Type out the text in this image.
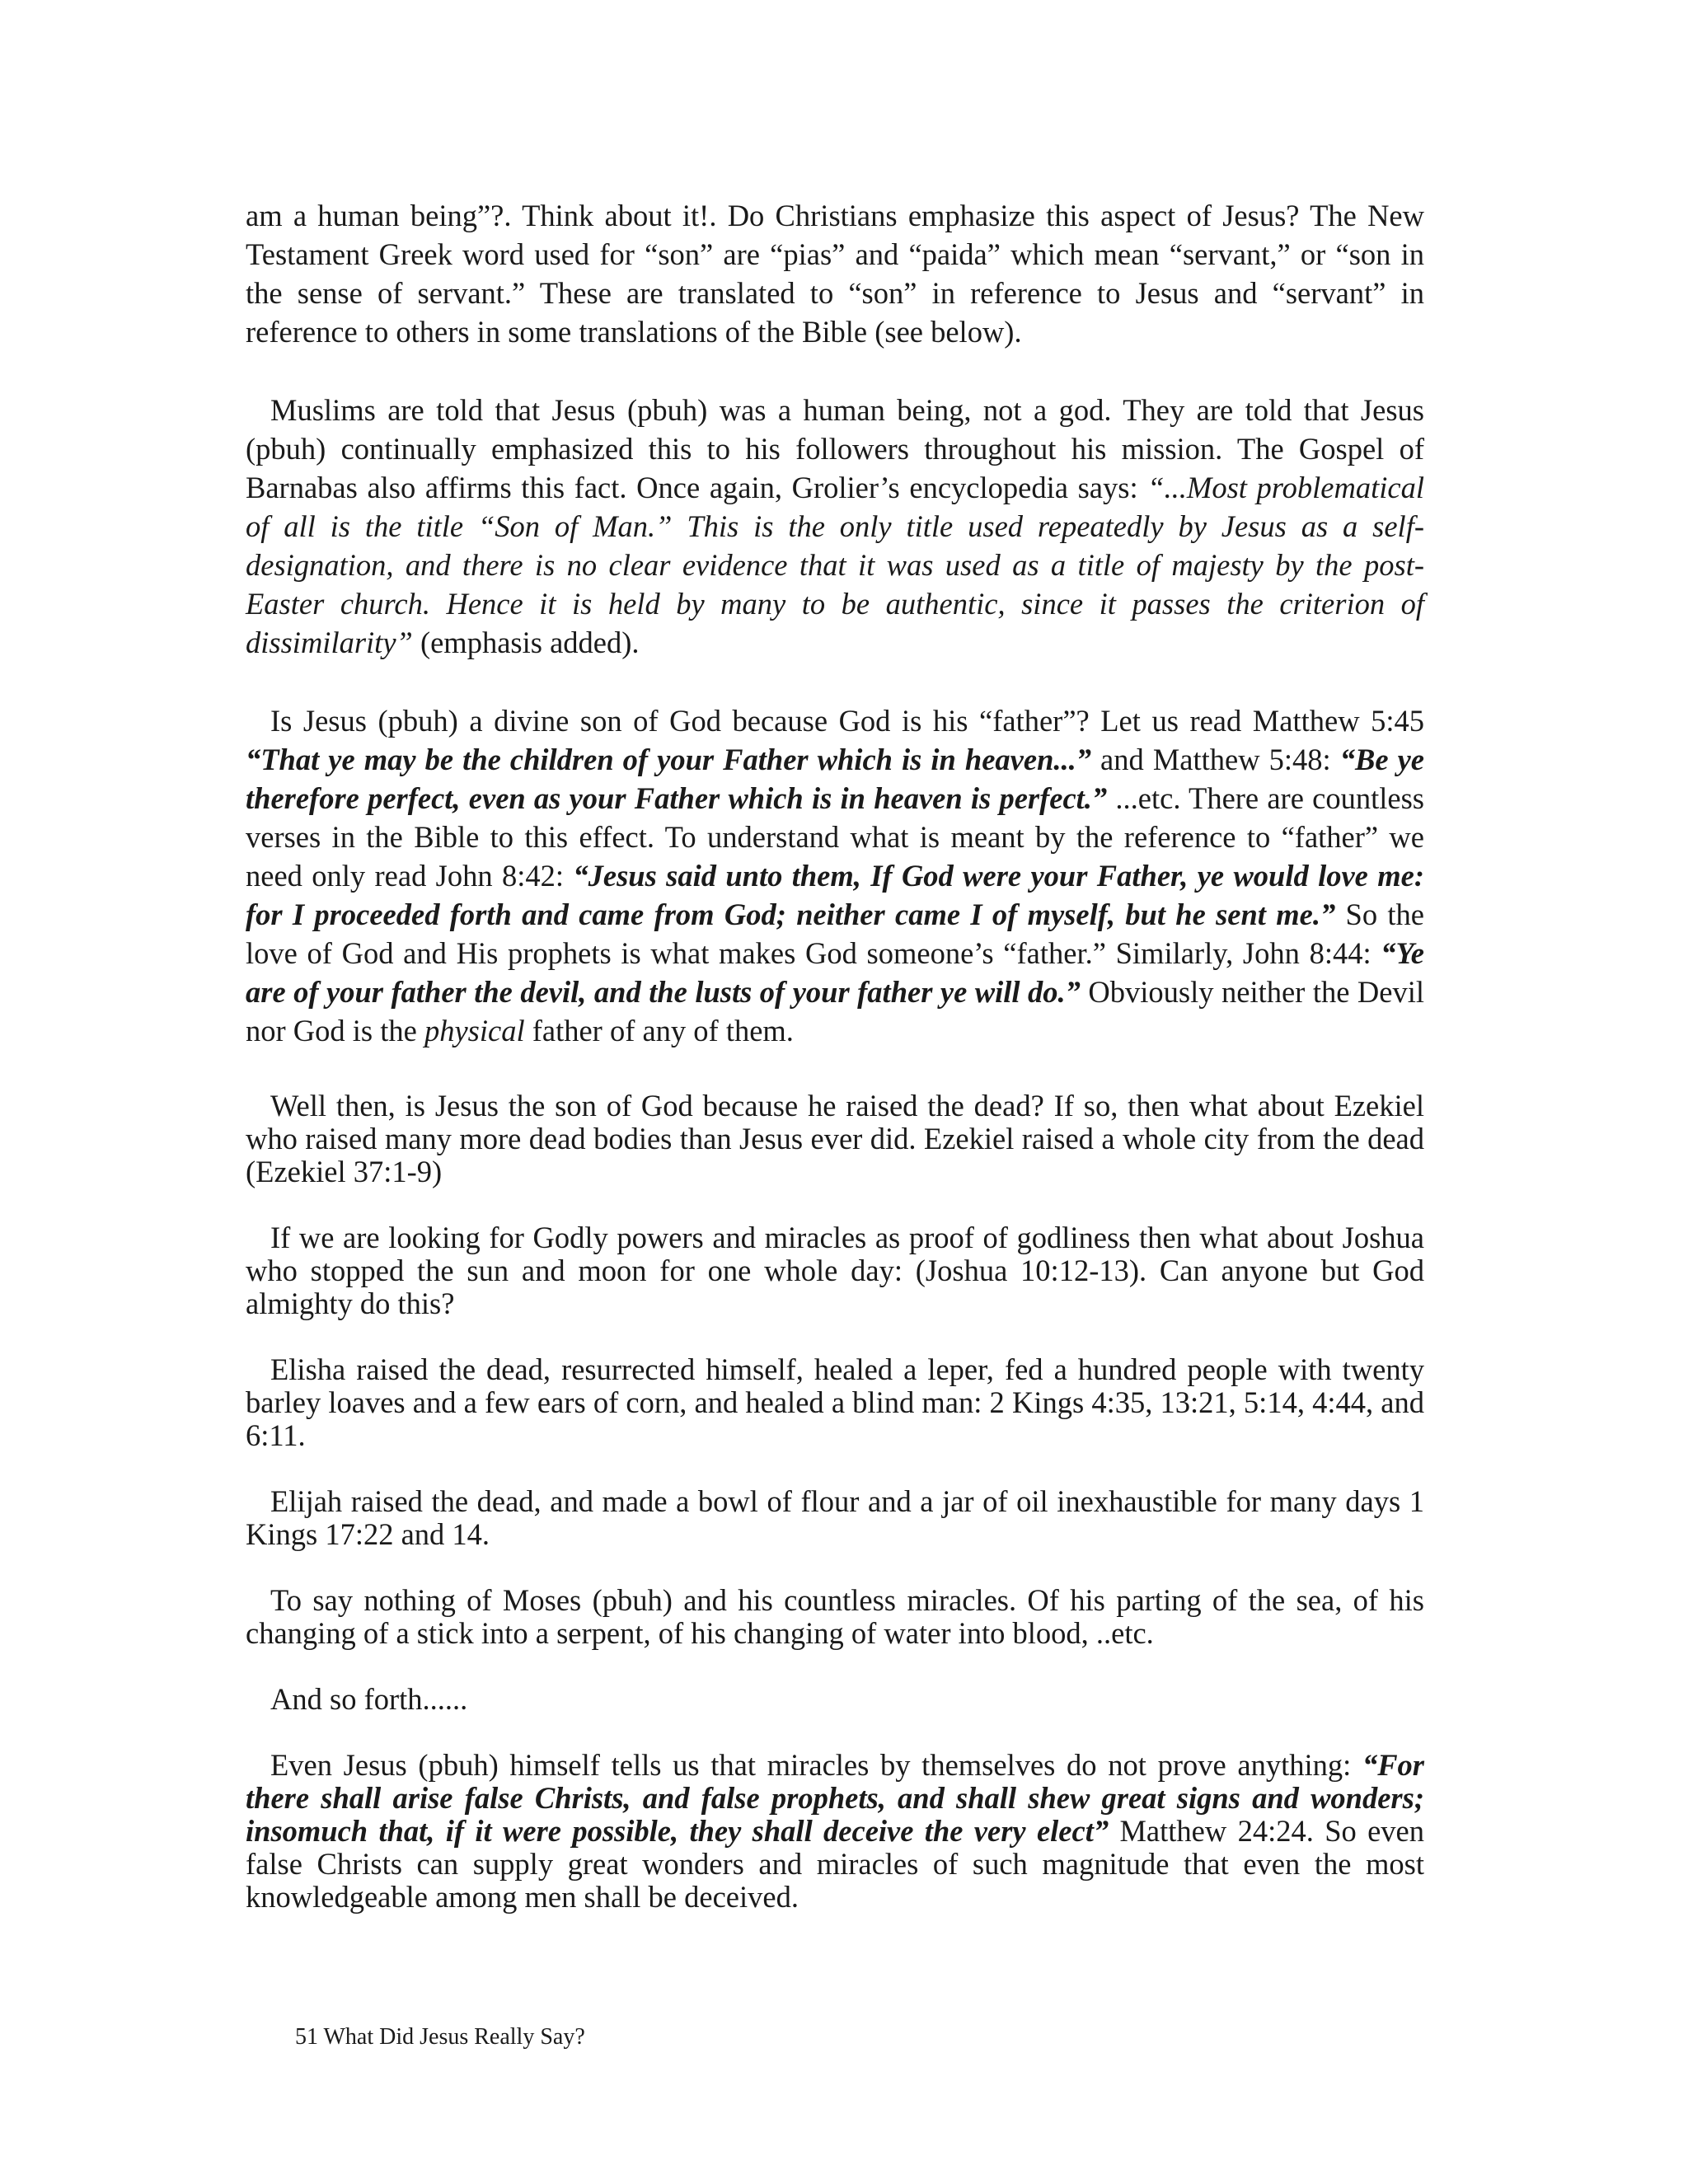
am a human being”?. Think about it!. Do Christians emphasize this aspect of Jesus? The New Testament Greek word used for “son” are “pias” and “paida” which mean “servant,” or “son in the sense of servant.” These are translated to “son” in reference to Jesus and “servant” in reference to others in some translations of the Bible (see below).

Muslims are told that Jesus (pbuh) was a human being, not a god. They are told that Jesus (pbuh) continually emphasized this to his followers throughout his mission. The Gospel of Barnabas also affirms this fact. Once again, Grolier’s encyclopedia says: “...Most problematical of all is the title “Son of Man.” This is the only title used repeatedly by Jesus as a self-designation, and there is no clear evidence that it was used as a title of majesty by the post-Easter church. Hence it is held by many to be authentic, since it passes the criterion of dissimilarity” (emphasis added).

Is Jesus (pbuh) a divine son of God because God is his “father”? Let us read Matthew 5:45 “That ye may be the children of your Father which is in heaven...” and Matthew 5:48: “Be ye therefore perfect, even as your Father which is in heaven is perfect.” ...etc. There are countless verses in the Bible to this effect. To understand what is meant by the reference to “father” we need only read John 8:42: “Jesus said unto them, If God were your Father, ye would love me: for I proceeded forth and came from God; neither came I of myself, but he sent me.” So the love of God and His prophets is what makes God someone’s “father.” Similarly, John 8:44: “Ye are of your father the devil, and the lusts of your father ye will do.” Obviously neither the Devil nor God is the physical father of any of them.

Well then, is Jesus the son of God because he raised the dead? If so, then what about Ezekiel who raised many more dead bodies than Jesus ever did. Ezekiel raised a whole city from the dead (Ezekiel 37:1-9)

If we are looking for Godly powers and miracles as proof of godliness then what about Joshua who stopped the sun and moon for one whole day: (Joshua 10:12-13). Can anyone but God almighty do this?

Elisha raised the dead, resurrected himself, healed a leper, fed a hundred people with twenty barley loaves and a few ears of corn, and healed a blind man: 2 Kings 4:35, 13:21, 5:14, 4:44, and 6:11.

Elijah raised the dead, and made a bowl of flour and a jar of oil inexhaustible for many days 1 Kings 17:22 and 14.

To say nothing of Moses (pbuh) and his countless miracles. Of his parting of the sea, of his changing of a stick into a serpent, of his changing of water into blood, ..etc.

And so forth......

Even Jesus (pbuh) himself tells us that miracles by themselves do not prove anything: “For there shall arise false Christs, and false prophets, and shall shew great signs and wonders; insomuch that, if it were possible, they shall deceive the very elect” Matthew 24:24. So even false Christs can supply great wonders and miracles of such magnitude that even the most knowledgeable among men shall be deceived.

51 What Did Jesus Really Say?
